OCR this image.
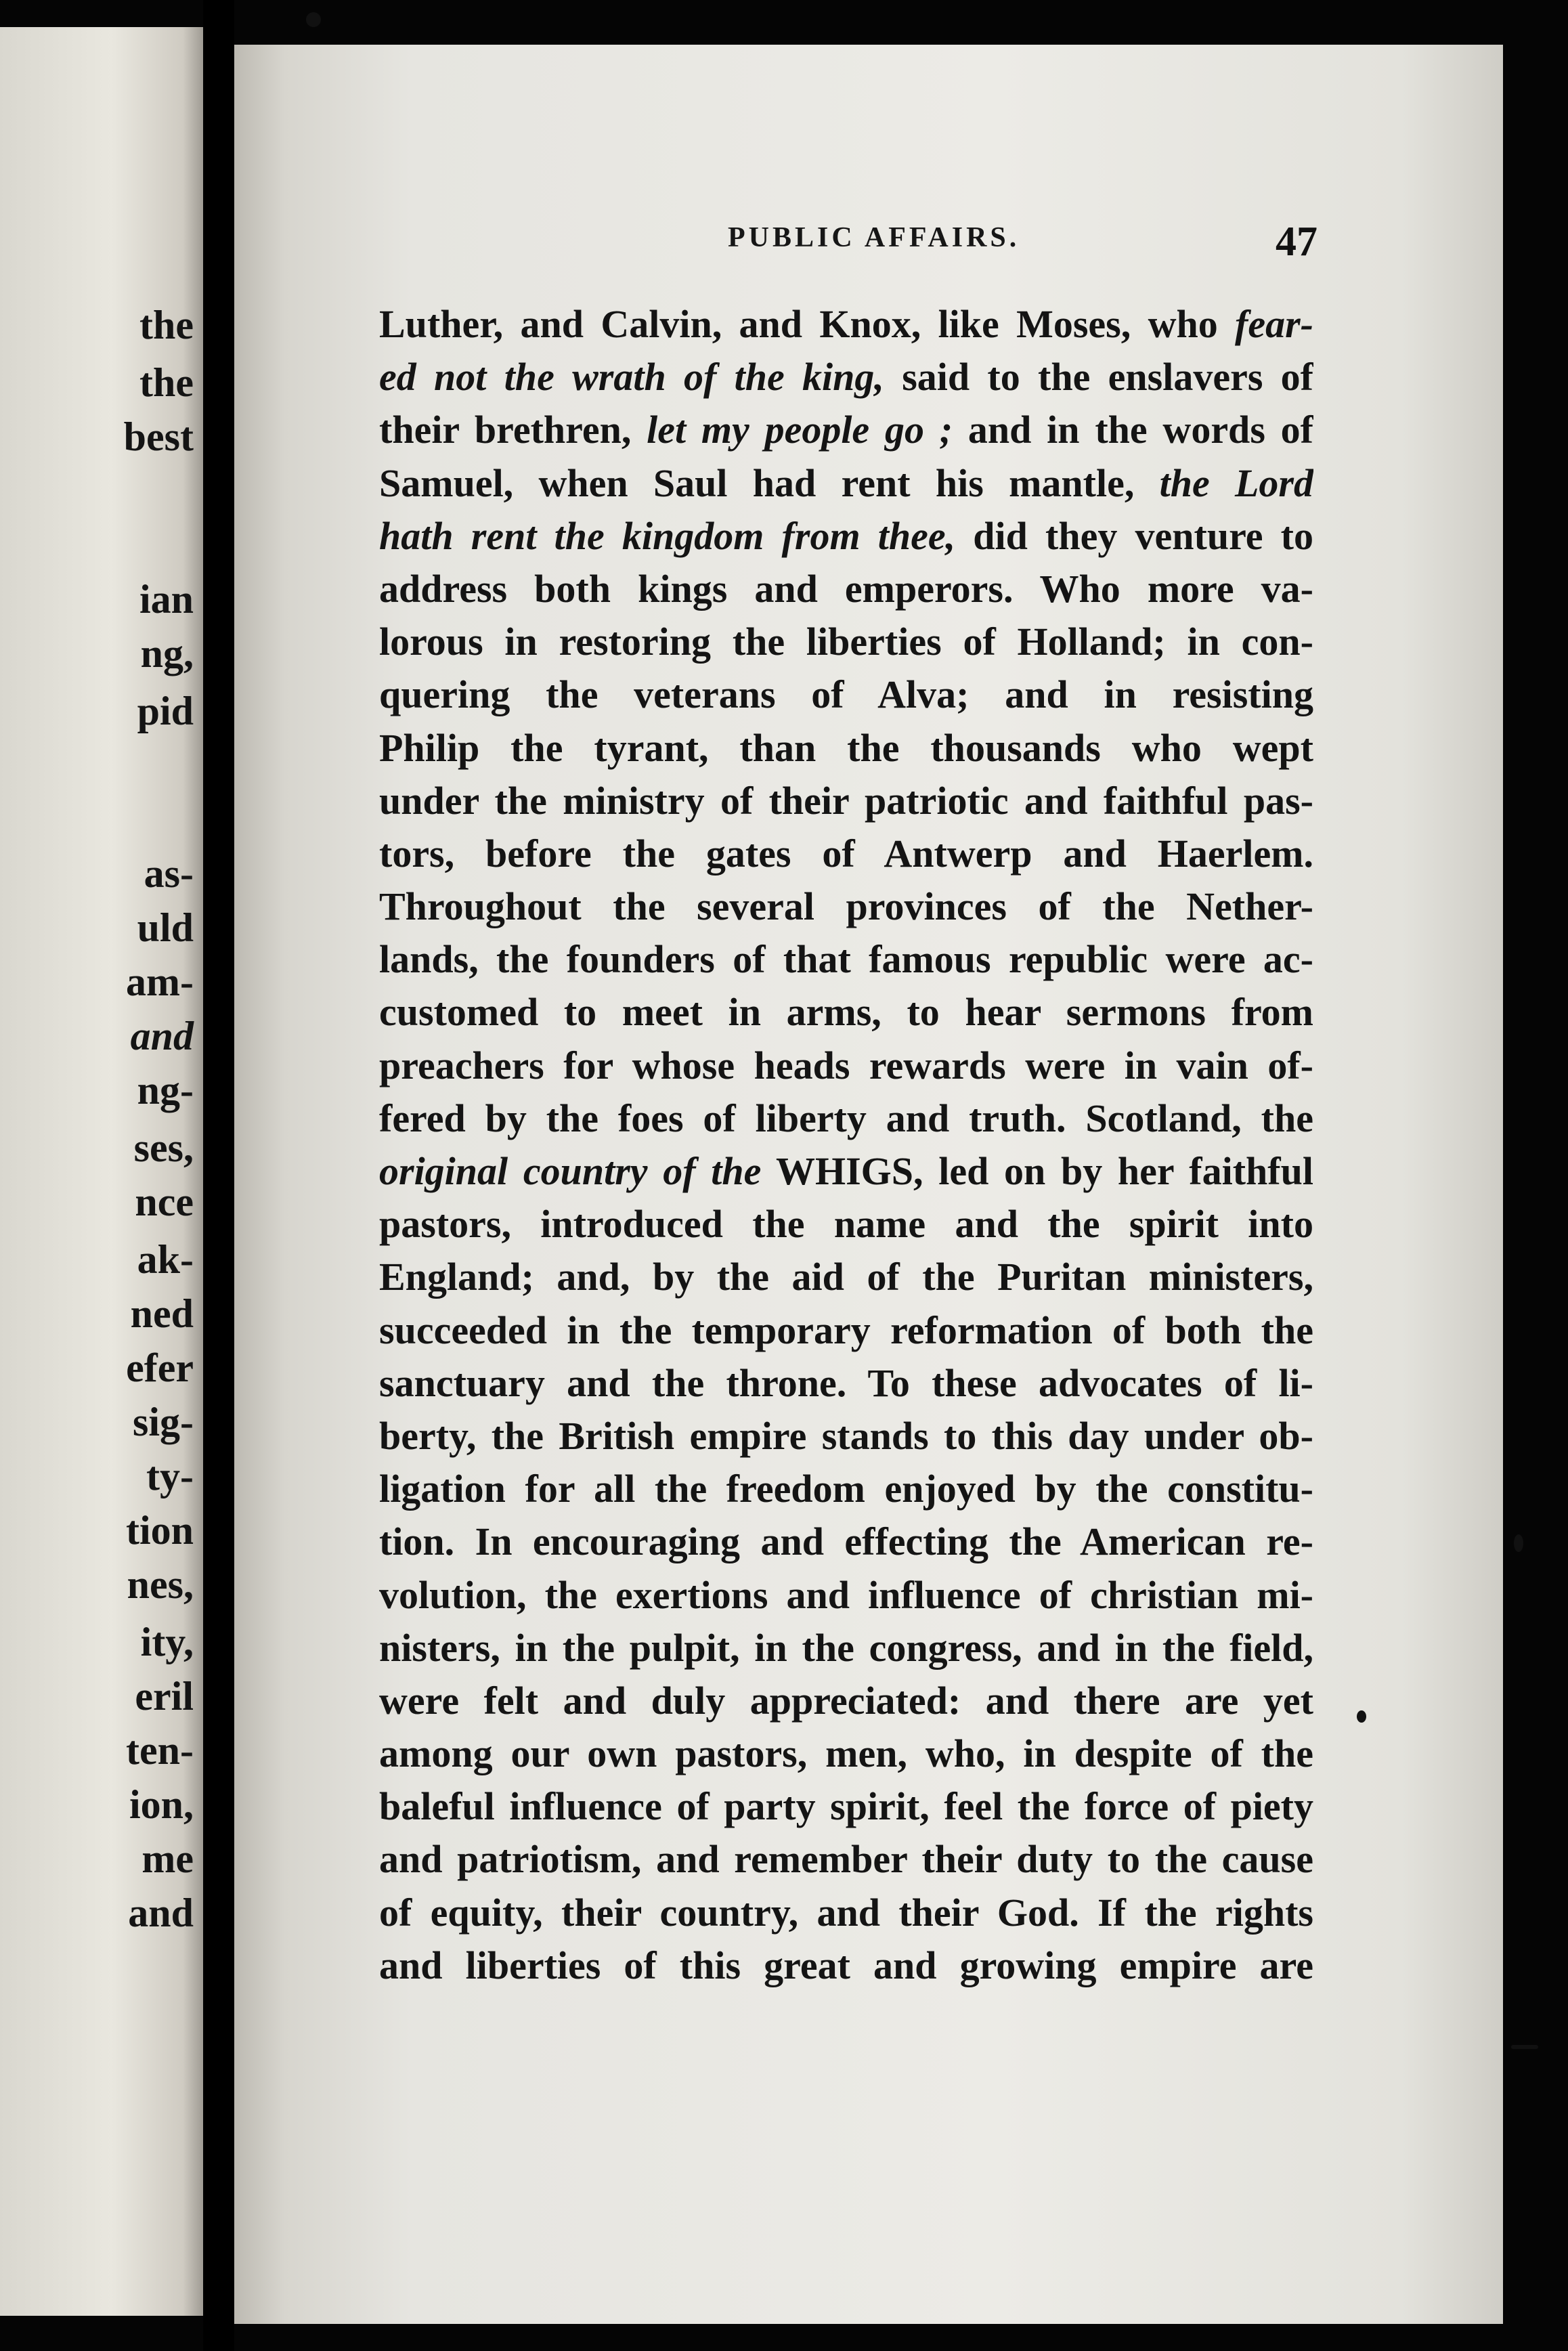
the
the
best
ian
ng,
pid
as-
uld
am-
and
ng-
ses,
nce
ak-
ned
efer
sig-
ty-
tion
nes,
ity,
eril
ten-
ion,
me
and
PUBLIC AFFAIRS.	47
Luther, and Calvin, and Knox, like Moses, who fear-
ed not the wrath of the king, said to the enslavers of
their brethren, let my people go ; and in the words of
Samuel, when Saul had rent his mantle, the Lord
hath rent the kingdom from thee, did they venture to
address both kings and emperors. Who more va-
lorous in restoring the liberties of Holland; in con-
quering the veterans of Alva; and in resisting
Philip the tyrant, than the thousands who wept
under the ministry of their patriotic and faithful pas-
tors, before the gates of Antwerp and Haerlem.
Throughout the several provinces of the Nether-
lands, the founders of that famous republic were ac-
customed to meet in arms, to hear sermons from
preachers for whose heads rewards were in vain of-
fered by the foes of liberty and truth. Scotland, the
original country of the WHIGS, led on by her faithful
pastors, introduced the name and the spirit into
England; and, by the aid of the Puritan ministers,
succeeded in the temporary reformation of both the
sanctuary and the throne. To these advocates of li-
berty, the British empire stands to this day under ob-
ligation for all the freedom enjoyed by the constitu-
tion. In encouraging and effecting the American re-
volution, the exertions and influence of christian mi-
nisters, in the pulpit, in the congress, and in the field,
were felt and duly appreciated: and there are yet
among our own pastors, men, who, in despite of the
baleful influence of party spirit, feel the force of piety
and patriotism, and remember their duty to the cause
of equity, their country, and their God. If the rights
and liberties of this great and growing empire are
